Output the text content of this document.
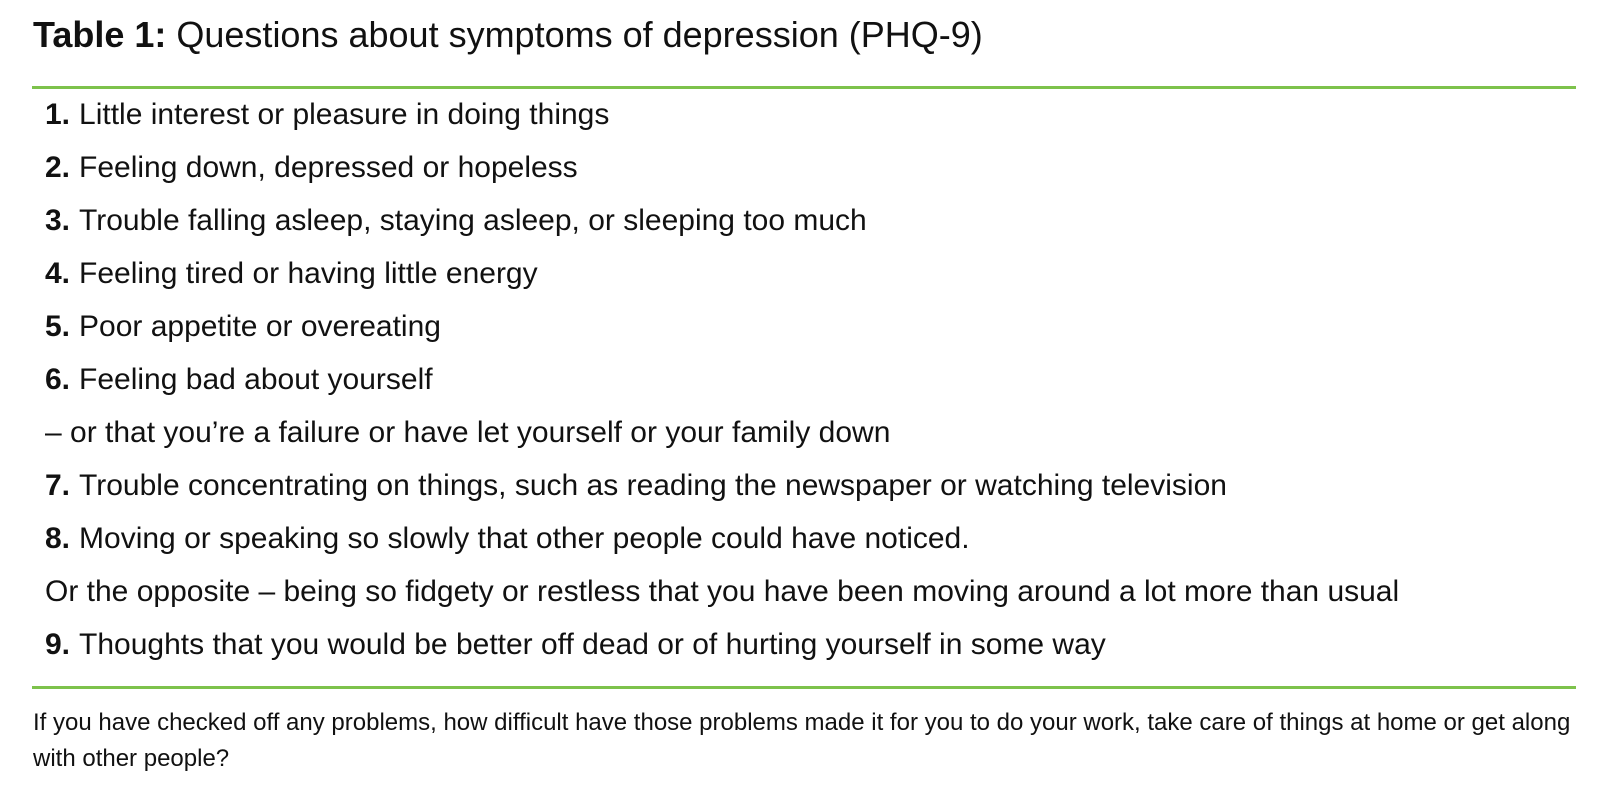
Table 1: Questions about symptoms of depression (PHQ-9)
1. Little interest or pleasure in doing things
2. Feeling down, depressed or hopeless
3. Trouble falling asleep, staying asleep, or sleeping too much
4. Feeling tired or having little energy
5. Poor appetite or overeating
6. Feeling bad about yourself
– or that you’re a failure or have let yourself or your family down
7. Trouble concentrating on things, such as reading the newspaper or watching television
8. Moving or speaking so slowly that other people could have noticed.
Or the opposite – being so fidgety or restless that you have been moving around a lot more than usual
9. Thoughts that you would be better off dead or of hurting yourself in some way
If you have checked off any problems, how difficult have those problems made it for you to do your work, take care of things at home or get along with other people?
